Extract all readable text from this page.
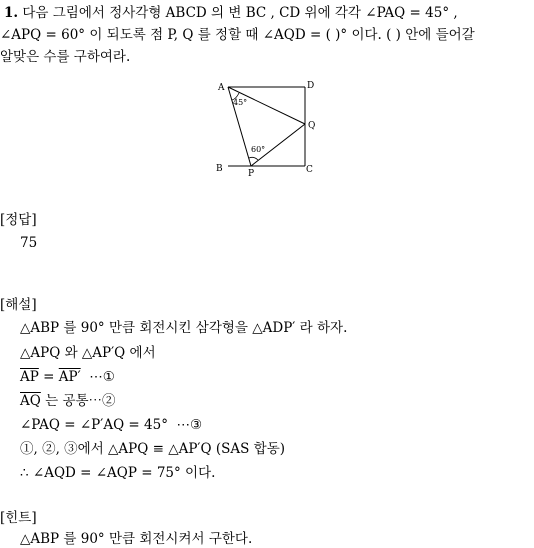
1. 다음 그림에서 정사각형 ABCD 의 변 BC , CD 위에 각각 ∠PAQ = 45° ,
∠APQ = 60° 이 되도록 점 P, Q 를 정할 때 ∠AQD = ( )° 이다. ( ) 안에 들어갈
알맞은 수를 구하여라.
A	D
Q
B	C
P
45°
60°
[정답]
75
[해설]
△ABP 를 90° 만큼 회전시킨 삼각형을 △ADP′ 라 하자.
△APQ 와 △AP′Q 에서
$\overline{AP} = AP'$  ⋯①
$\overline{AQ}$ 는 공통⋯②
∠PAQ = ∠P′AQ = 45°  ⋯③
①, ②, ③에서 △APQ ≡ △AP′Q (SAS 합동)
∴ ∠AQD = ∠AQP = 75° 이다.
[힌트]
△ABP 를 90° 만큼 회전시켜서 구한다.
